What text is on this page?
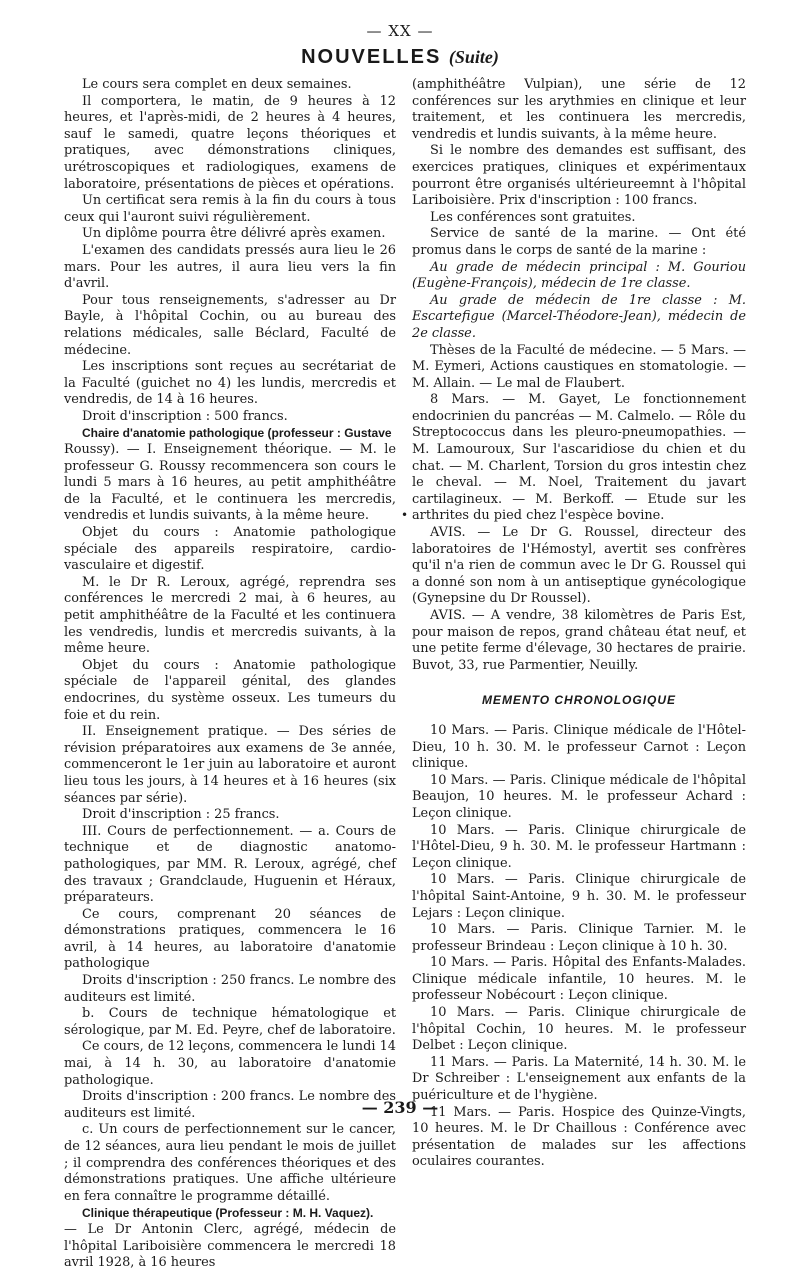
— XX —
NOUVELLES (Suite)

Le cours sera complet en deux semaines.

Il comportera, le matin, de 9 heures à 12 heures, et l'après-midi, de 2 heures à 4 heures, sauf le samedi, quatre leçons théoriques et pratiques, avec démonstrations cliniques, urétroscopiques et radiologiques, examens de laboratoire, présentations de pièces et opérations.

Un certificat sera remis à la fin du cours à tous ceux qui l'auront suivi régulièrement.

Un diplôme pourra être délivré après examen.

L'examen des candidats pressés aura lieu le 26 mars. Pour les autres, il aura lieu vers la fin d'avril.

Pour tous renseignements, s'adresser au Dr Bayle, à l'hôpital Cochin, ou au bureau des relations médicales, salle Béclard, Faculté de médecine.

Les inscriptions sont reçues au secrétariat de la Faculté (guichet no 4) les lundis, mercredis et vendredis, de 14 à 16 heures.

Droit d'inscription : 500 francs.

Chaire d'anatomie pathologique (professeur : Gustave

Roussy). — I. Enseignement théorique. — M. le professeur G. Roussy recommencera son cours le lundi 5 mars à 16 heures, au petit amphithéâtre de la Faculté, et le continuera les mercredis, vendredis et lundis suivants, à la même heure.

Objet du cours : Anatomie pathologique spéciale des appareils respiratoire, cardio-vasculaire et digestif.

M. le Dr R. Leroux, agrégé, reprendra ses conférences le mercredi 2 mai, à 6 heures, au petit amphithéâtre de la Faculté et les continuera les vendredis, lundis et mercredis suivants, à la même heure.

Objet du cours : Anatomie pathologique spéciale de l'appareil génital, des glandes endocrines, du système osseux. Les tumeurs du foie et du rein.

II. Enseignement pratique. — Des séries de révision préparatoires aux examens de 3e année, commenceront le 1er juin au laboratoire et auront lieu tous les jours, à 14 heures et à 16 heures (six séances par série).

Droit d'inscription : 25 francs.

III. Cours de perfectionnement. — a. Cours de technique et de diagnostic anatomo-pathologiques, par MM. R. Leroux, agrégé, chef des travaux ; Grandclaude, Huguenin et Héraux, préparateurs.

Ce cours, comprenant 20 séances de démonstrations pratiques, commencera le 16 avril, à 14 heures, au laboratoire d'anatomie pathologique

Droits d'inscription : 250 francs. Le nombre des auditeurs est limité.

b. Cours de technique hématologique et sérologique, par M. Ed. Peyre, chef de laboratoire.

Ce cours, de 12 leçons, commencera le lundi 14 mai, à 14 h. 30, au laboratoire d'anatomie pathologique.

Droits d'inscription : 200 francs. Le nombre des auditeurs est limité.

c. Un cours de perfectionnement sur le cancer, de 12 séances, aura lieu pendant le mois de juillet ; il comprendra des conférences théoriques et des démonstrations pratiques. Une affiche ultérieure en fera connaître le programme détaillé.

Clinique thérapeutique (Professeur : M. H. Vaquez).

— Le Dr Antonin Clerc, agrégé, médecin de l'hôpital Lariboisière commencera le mercredi 18 avril 1928, à 16 heures

•

(amphithéâtre Vulpian), une série de 12 conférences sur les arythmies en clinique et leur traitement, et les continuera les mercredis, vendredis et lundis suivants, à la même heure.

Si le nombre des demandes est suffisant, des exercices pratiques, cliniques et expérimentaux pourront être organisés ultérieureemnt à l'hôpital Lariboisière. Prix d'inscription : 100 francs.

Les conférences sont gratuites.

Service de santé de la marine. — Ont été promus dans le corps de santé de la marine :

Au grade de médecin principal : M. Gouriou (Eugène-François), médecin de 1re classe.

Au grade de médecin de 1re classe : M. Escartefigue (Marcel-Théodore-Jean), médecin de 2e classe.

Thèses de la Faculté de médecine. — 5 Mars. — M. Eymeri, Actions caustiques en stomatologie. — M. Allain. — Le mal de Flaubert.

8 Mars. — M. Gayet, Le fonctionnement endocrinien du pancréas — M. Calmelo. — Rôle du Streptococcus dans les pleuro-pneumopathies. — M. Lamouroux, Sur l'ascaridiose du chien et du chat. — M. Charlent, Torsion du gros intestin chez le cheval. — M. Noel, Traitement du javart cartilagineux. — M. Berkoff. — Etude sur les arthrites du pied chez l'espèce bovine.

AVIS. — Le Dr G. Roussel, directeur des laboratoires de l'Hémostyl, avertit ses confrères qu'il n'a rien de commun avec le Dr G. Roussel qui a donné son nom à un antiseptique gynécologique (Gynepsine du Dr Roussel).

AVIS. — A vendre, 38 kilomètres de Paris Est, pour maison de repos, grand château état neuf, et une petite ferme d'élevage, 30 hectares de prairie. Buvot, 33, rue Parmentier, Neuilly.

MEMENTO CHRONOLOGIQUE

10 Mars. — Paris. Clinique médicale de l'Hôtel-Dieu, 10 h. 30. M. le professeur Carnot : Leçon clinique.

10 Mars. — Paris. Clinique médicale de l'hôpital Beaujon, 10 heures. M. le professeur Achard : Leçon clinique.

10 Mars. — Paris. Clinique chirurgicale de l'Hôtel-Dieu, 9 h. 30. M. le professeur Hartmann : Leçon clinique.

10 Mars. — Paris. Clinique chirurgicale de l'hôpital Saint-Antoine, 9 h. 30. M. le professeur Lejars : Leçon clinique.

10 Mars. — Paris. Clinique Tarnier. M. le professeur Brindeau : Leçon clinique à 10 h. 30.

10 Mars. — Paris. Hôpital des Enfants-Malades. Clinique médicale infantile, 10 heures. M. le professeur Nobécourt : Leçon clinique.

10 Mars. — Paris. Clinique chirurgicale de l'hôpital Cochin, 10 heures. M. le professeur Delbet : Leçon clinique.

11 Mars. — Paris. La Maternité, 14 h. 30. M. le Dr Schreiber : L'enseignement aux enfants de la puériculture et de l'hygiène.

11 Mars. — Paris. Hospice des Quinze-Vingts, 10 heures. M. le Dr Chaillous : Conférence avec présentation de malades sur les affections oculaires courantes.

— 239 —
